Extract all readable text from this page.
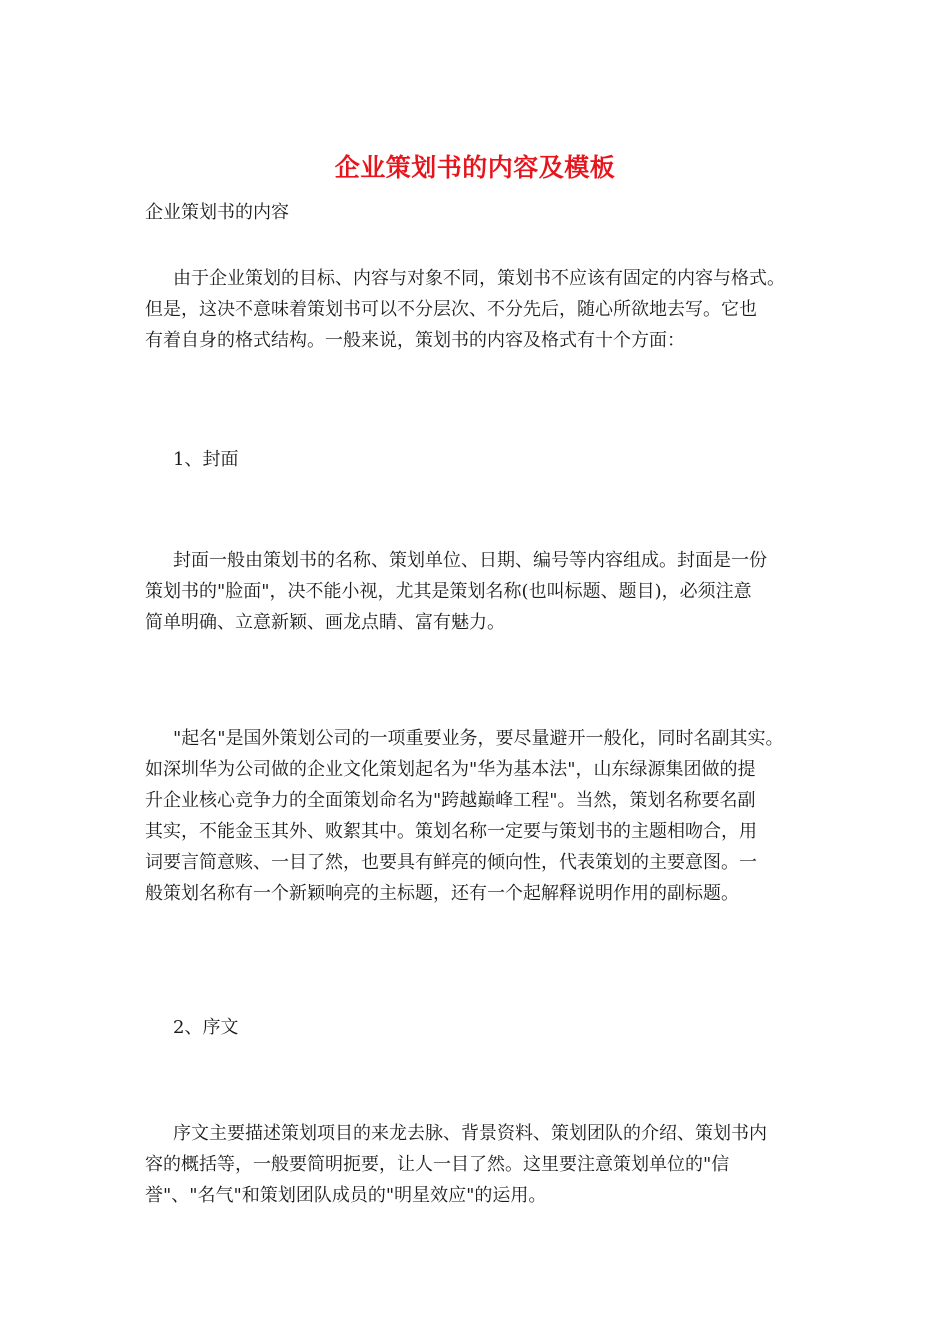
企业策划书的内容及模板
企业策划书的内容
由于企业策划的目标、内容与对象不同，策划书不应该有固定的内容与格式。
但是，这决不意味着策划书可以不分层次、不分先后，随心所欲地去写。它也
有着自身的格式结构。一般来说，策划书的内容及格式有十个方面：
1、封面
封面一般由策划书的名称、策划单位、日期、编号等内容组成。封面是一份
策划书的"脸面"，决不能小视，尤其是策划名称(也叫标题、题目)，必须注意
简单明确、立意新颖、画龙点睛、富有魅力。
"起名"是国外策划公司的一项重要业务，要尽量避开一般化，同时名副其实。
如深圳华为公司做的企业文化策划起名为"华为基本法"，山东绿源集团做的提
升企业核心竞争力的全面策划命名为"跨越巅峰工程"。当然，策划名称要名副
其实，不能金玉其外、败絮其中。策划名称一定要与策划书的主题相吻合，用
词要言简意赅、一目了然，也要具有鲜亮的倾向性，代表策划的主要意图。一
般策划名称有一个新颖响亮的主标题，还有一个起解释说明作用的副标题。
2、序文
序文主要描述策划项目的来龙去脉、背景资料、策划团队的介绍、策划书内
容的概括等，一般要简明扼要，让人一目了然。这里要注意策划单位的"信
誉"、"名气"和策划团队成员的"明星效应"的运用。
